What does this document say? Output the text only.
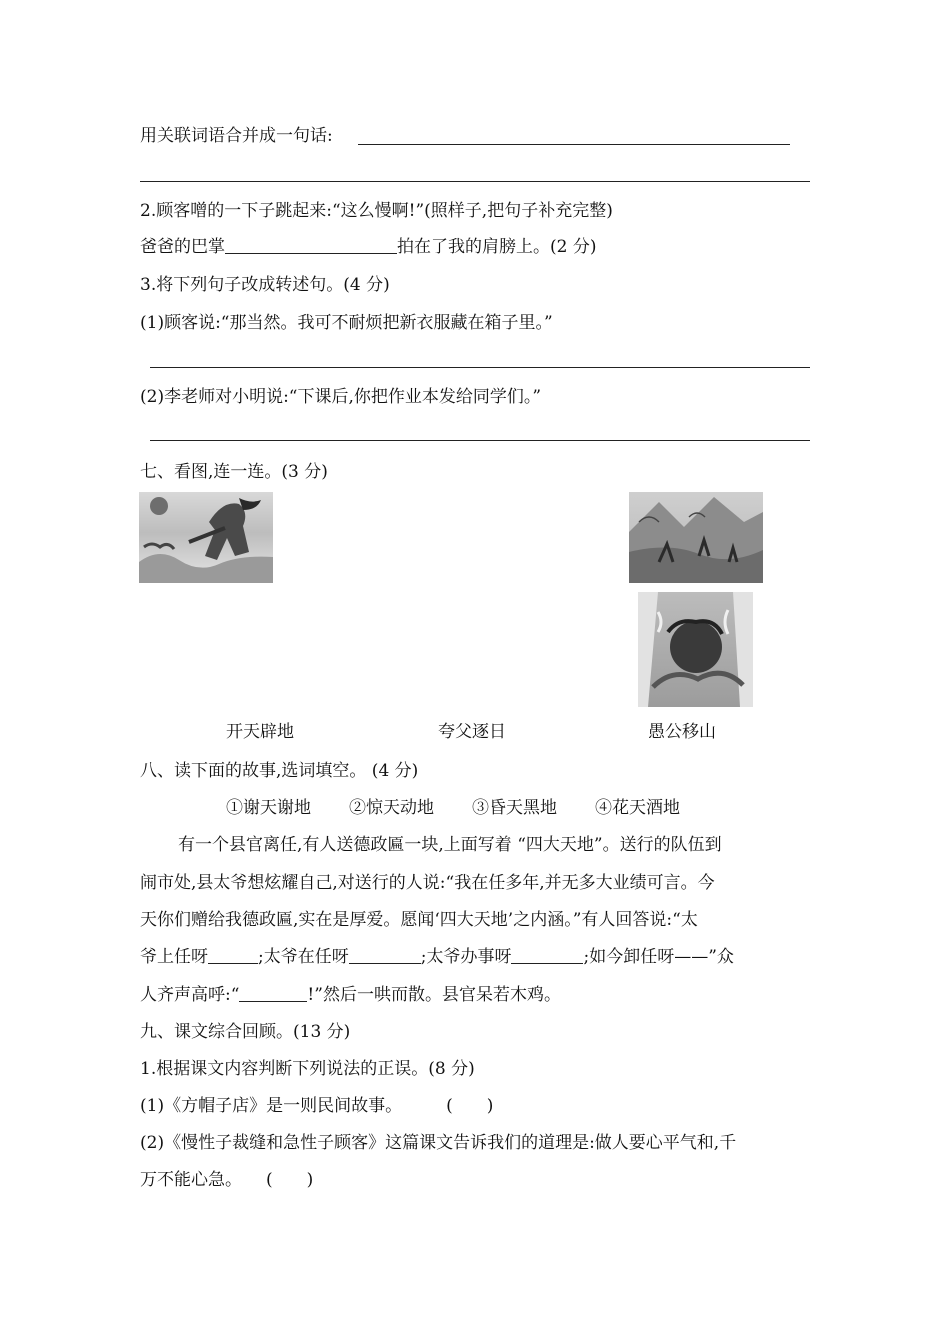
用关联词语合并成一句话:
2.顾客噌的一下子跳起来:“这么慢啊!”(照样子,把句子补充完整)
爸爸的巴掌	拍在了我的肩膀上。(2 分)
3.将下列句子改成转述句。(4 分)
(1)顾客说:“那当然。我可不耐烦把新衣服藏在箱子里。”
(2)李老师对小明说:“下课后,你把作业本发给同学们。”
七、看图,连一连。(3 分)
开天辟地	夸父逐日	愚公移山
八、读下面的故事,选词填空。 (4 分)
①谢天谢地 ②惊天动地 ③昏天黑地 ④花天酒地
有一个县官离任,有人送德政匾一块,上面写着 “四大天地”。送行的队伍到
闹市处,县太爷想炫耀自己,对送行的人说:“我在任多年,并无多大业绩可言。今
天你们赠给我德政匾,实在是厚爱。愿闻‘四大天地’之内涵。”有人回答说:“太
爷上任呀	;太爷在任呀	;太爷办事呀	;如今卸任呀——”众
人齐声高呼:“	!”然后一哄而散。县官呆若木鸡。
九、课文综合回顾。(13 分)
1.根据课文内容判断下列说法的正误。(8 分)
(1)《方帽子店》是一则民间故事。	(　　)
(2)《慢性子裁缝和急性子顾客》这篇课文告诉我们的道理是:做人要心平气和,千
万不能心急。 (　　)
